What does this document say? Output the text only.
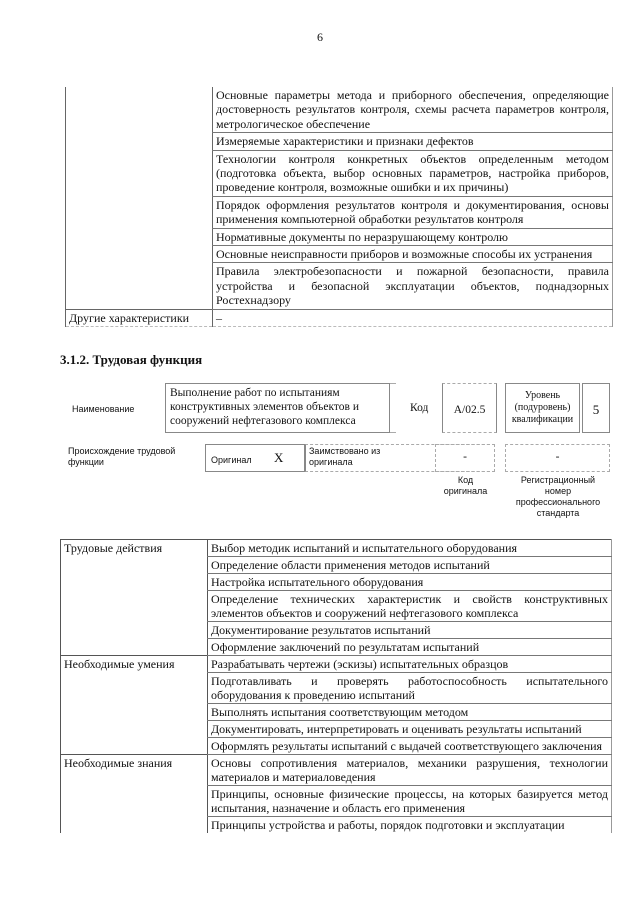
6
	Основные параметры метода и приборного обеспечения, определяющие достоверность результатов контроля, схемы расчета параметров контроля, метрологическое обеспечение
	Измеряемые характеристики и признаки дефектов
	Технологии контроля конкретных объектов определенным методом (подготовка объекта, выбор основных параметров, настройка приборов, проведение контроля, возможные ошибки и их причины)
	Порядок оформления результатов контроля и документирования, основы применения компьютерной обработки результатов контроля
	Нормативные документы по неразрушающему контролю
	Основные неисправности приборов и возможные способы их устранения
	Правила электробезопасности и пожарной безопасности, правила устройства и безопасной эксплуатации объектов, поднадзорных Ростехнадзору
Другие характеристики	–
3.1.2. Трудовая функция
Наименование
Выполнение работ по испытаниям конструктивных элементов объектов и сооружений нефтегазового комплекса
Код	А/02.5
Уровень (подуровень) квалификации
5
Происхождение трудовой функции	Оригинал X	Заимствовано из оригинала	-	-
Код оригинала
Регистрационный номер профессионального стандарта
Трудовые действия	Выбор методик испытаний и испытательного оборудования
	Определение области применения методов испытаний
	Настройка испытательного оборудования
	Определение технических характеристик и свойств конструктивных элементов объектов и сооружений нефтегазового комплекса
	Документирование результатов испытаний
	Оформление заключений по результатам испытаний
Необходимые умения	Разрабатывать чертежи (эскизы) испытательных образцов
	Подготавливать и проверять работоспособность испытательного оборудования к проведению испытаний
	Выполнять испытания соответствующим методом
	Документировать, интерпретировать и оценивать результаты испытаний
	Оформлять результаты испытаний с выдачей соответствующего заключения
Необходимые знания	Основы сопротивления материалов, механики разрушения, технологии материалов и материаловедения
	Принципы, основные физические процессы, на которых базируется метод испытания, назначение и область его применения
	Принципы устройства и работы, порядок подготовки и эксплуатации
